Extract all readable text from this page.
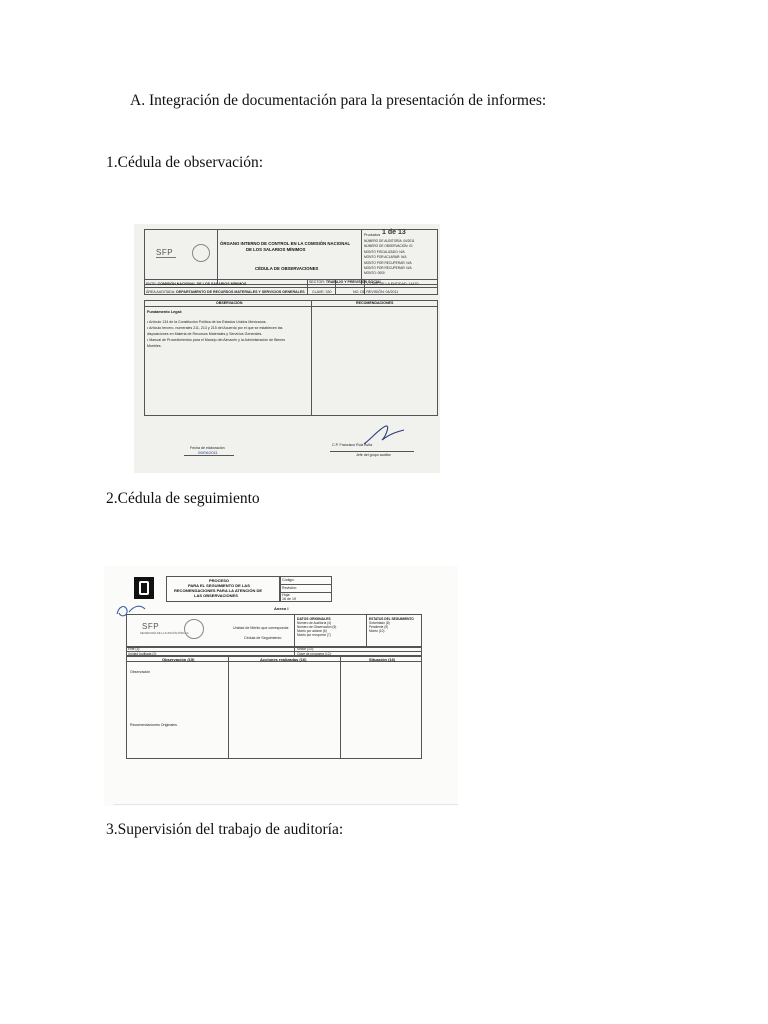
A. Integración de documentación para la presentación de informes:
1.Cédula de observación:
2.Cédula de seguimiento
3.Supervisión del trabajo de auditoría:
SFP
ÓRGANO INTERNO DE CONTROL EN LA COMISIÓN NACIONAL
DE LOS SALARIOS MÍNIMOS
CÉDULA DE OBSERVACIONES
Productos 1 de 13
NÚMERO DE AUDITORÍA: 04/2011
NÚMERO DE OBSERVACIÓN: 01
MONTO FISCALIZADO: N/A
MONTO POR ACLARAR: N/A
MONTO POR RECUPERAR: N/A
MONTO POR RECUPERAR: N/A
MONTO: 0000
ENTE: COMISIÓN NACIONAL DE LOS SALARIOS MÍNIMOS	SECTOR: TRABAJO Y PREVISIÓN SOCIAL
CLAVE DE LA ENTIDAD: 14470
ÁREA AUDITADA: DEPARTAMENTO DE RECURSOS MATERIALES Y SERVICIOS GENERALES CLAVE: 330	NO. DE REVISIÓN: 04/2011
OBSERVACIÓN	RECOMENDACIONES
Fundamento Legal:
• Artículo 134 de la Constitución Política de los Estados Unidos Mexicanos.
• Artículo tercero, numerales 211, 213 y 215 del Acuerdo por el que se establecen las
disposiciones en Materia de Recursos Materiales y Servicios Generales.
• Manual de Procedimientos para el Manejo del Almacén y la Administración de Bienes
Muebles.
Fecha de elaboración
09/06/2011
C.P. Francisco Ruiz Ávila
Jefe del grupo auditor
PROCESO
PARA EL SEGUIMIENTO DE LAS
RECOMENDACIONES PARA LA ATENCIÓN DE
LAS OBSERVACIONES
Código:
Revisión:
Hoja:
16 de 19
Anexo I
SFP
SECRETARÍA DE LA FUNCIÓN PÚBLICA
Unidad de Mérito que corresponda
Cédula de Seguimiento
DATOS ORIGINALES
Número de Auditoría (4)
Número de Observación (5)
Monto por aclarar (6)
Monto por recuperar (7)
ESTATUS DEL SEGUIMIENTO
Solventado (8)
Pendiente (9)
Monto (10)
Ente (1):
Unidad Auditada (2):
Sector (13):
Clave de programa (12):
Observación (15)	Acciones realizadas (16)	Situación (16)
Observación
Recomendaciones Originales
